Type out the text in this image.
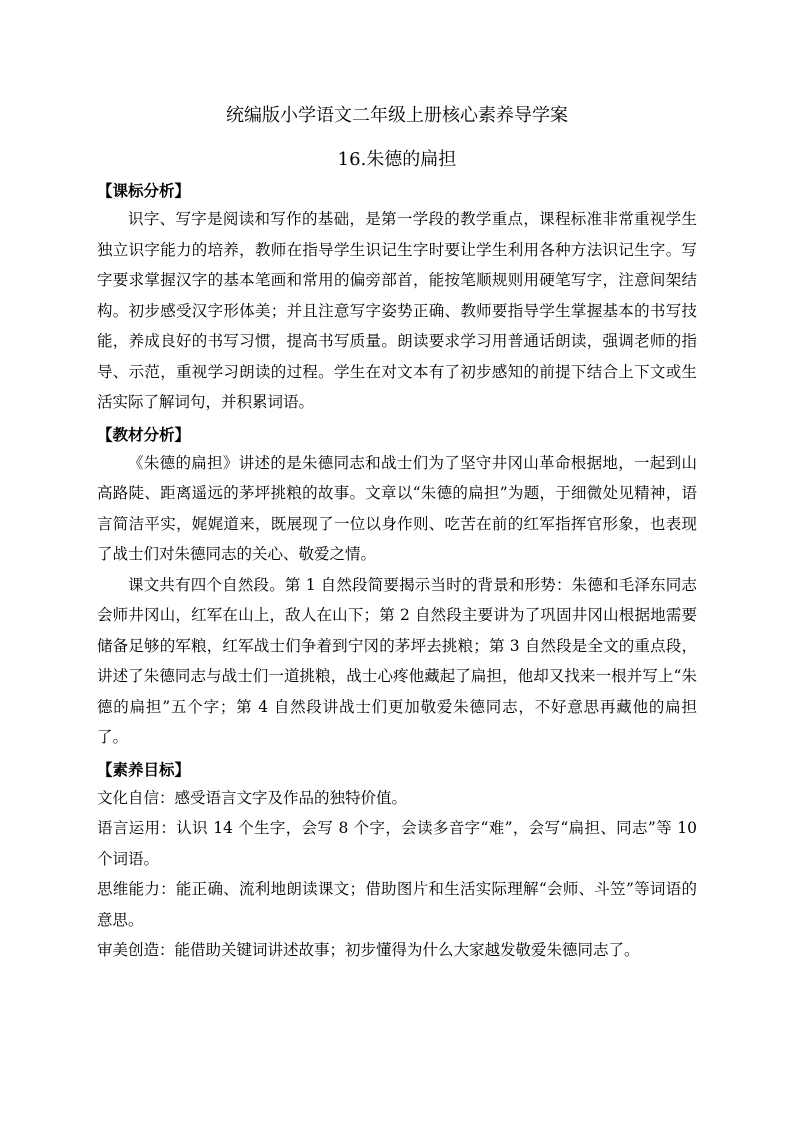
统编版小学语文二年级上册核心素养导学案
16.朱德的扁担
【课标分析】

识字、写字是阅读和写作的基础，是第一学段的教学重点，课程标准非常重视学生独立识字能力的培养，教师在指导学生识记生字时要让学生利用各种方法识记生字。写字要求掌握汉字的基本笔画和常用的偏旁部首，能按笔顺规则用硬笔写字，注意间架结构。初步感受汉字形体美；并且注意写字姿势正确、教师要指导学生掌握基本的书写技能，养成良好的书写习惯，提高书写质量。朗读要求学习用普通话朗读，强调老师的指导、示范，重视学习朗读的过程。学生在对文本有了初步感知的前提下结合上下文或生活实际了解词句，并积累词语。

【教材分析】

《朱德的扁担》讲述的是朱德同志和战士们为了坚守井冈山革命根据地，一起到山高路陡、距离遥远的茅坪挑粮的故事。文章以“朱德的扁担”为题，于细微处见精神，语言简洁平实，娓娓道来，既展现了一位以身作则、吃苦在前的红军指挥官形象，也表现了战士们对朱德同志的关心、敬爱之情。

课文共有四个自然段。第 1 自然段简要揭示当时的背景和形势：朱德和毛泽东同志会师井冈山，红军在山上，敌人在山下；第 2 自然段主要讲为了巩固井冈山根据地需要储备足够的军粮，红军战士们争着到宁冈的茅坪去挑粮；第 3 自然段是全文的重点段，讲述了朱德同志与战士们一道挑粮，战士心疼他藏起了扁担，他却又找来一根并写上“朱德的扁担”五个字；第 4 自然段讲战士们更加敬爱朱德同志，不好意思再藏他的扁担了。

【素养目标】

文化自信：感受语言文字及作品的独特价值。

语言运用：认识 14 个生字，会写 8 个字，会读多音字“难”，会写“扁担、同志”等 10 个词语。

思维能力：能正确、流利地朗读课文；借助图片和生活实际理解“会师、斗笠”等词语的意思。

审美创造：能借助关键词讲述故事；初步懂得为什么大家越发敬爱朱德同志了。
